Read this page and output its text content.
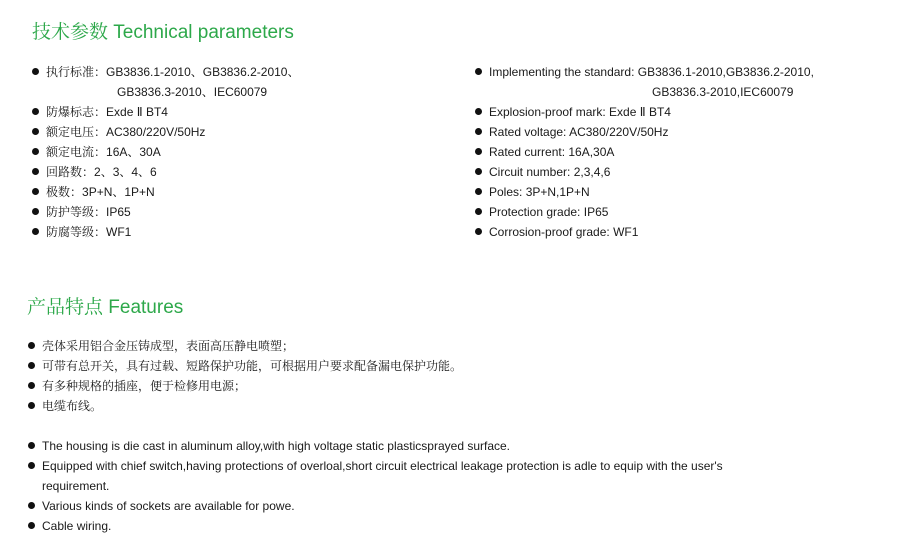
技术参数 Technical parameters
执行标准：GB3836.1-2010、GB3836.2-2010、
GB3836.3-2010、IEC60079
防爆标志：Exde Ⅱ BT4
额定电压：AC380/220V/50Hz
额定电流：16A、30A
回路数：2、3、4、6
极数：3P+N、1P+N
防护等级：IP65
防腐等级：WF1
Implementing the standard: GB3836.1-2010,GB3836.2-2010,
GB3836.3-2010,IEC60079
Explosion-proof mark: Exde Ⅱ BT4
Rated voltage: AC380/220V/50Hz
Rated current: 16A,30A
Circuit number: 2,3,4,6
Poles: 3P+N,1P+N
Protection grade: IP65
Corrosion-proof grade: WF1
产品特点 Features
壳体采用铝合金压铸成型，表面高压静电喷塑；
可带有总开关，具有过载、短路保护功能，可根据用户要求配备漏电保护功能。
有多种规格的插座，便于检修用电源；
电缆布线。
The housing is die cast in aluminum alloy,with high voltage static plasticsprayed surface.
Equipped with chief switch,having protections of overloal,short circuit electrical leakage protection is adle to equip with the user's
requirement.
Various kinds of sockets are available for powe.
Cable wiring.
